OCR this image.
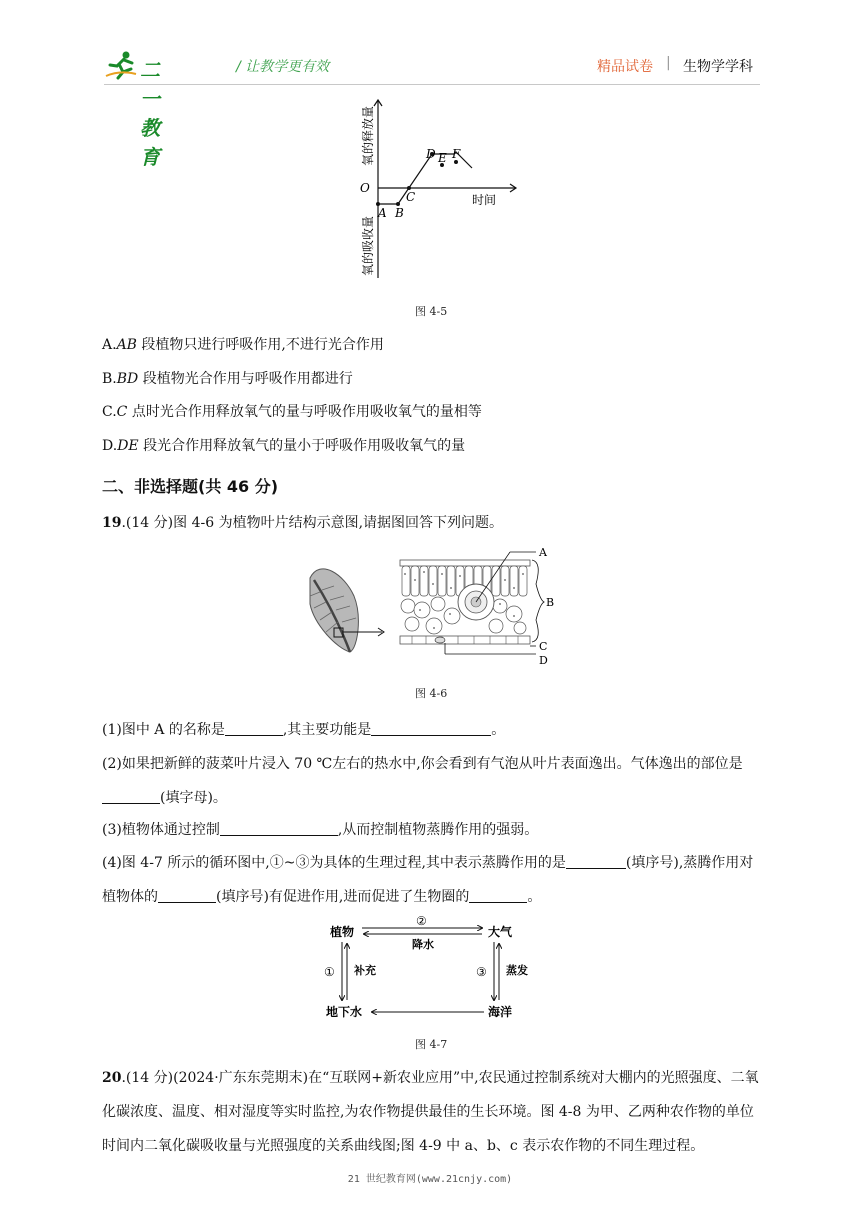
二一教育
/ 让教学更有效	精品试卷 | 生物学学科
O
A B
C
D E F
时间
氧的释放量
氧的吸收量
图 4-5
A.AB 段植物只进行呼吸作用,不进行光合作用
B.BD 段植物光合作用与呼吸作用都进行
C.C 点时光合作用释放氧气的量与呼吸作用吸收氧气的量相等
D.DE 段光合作用释放氧气的量小于呼吸作用吸收氧气的量
二、非选择题(共 46 分)
19.(14 分)图 4-6 为植物叶片结构示意图,请据图回答下列问题。
A
B
C
D
图 4-6
(1)图中 A 的名称是	,其主要功能是	。
(2)如果把新鲜的菠菜叶片浸入 70 ℃左右的热水中,你会看到有气泡从叶片表面逸出。气体逸出的部位是(填字母)。
(3)植物体通过控制	,从而控制植物蒸腾作用的强弱。
(4)图 4-7 所示的循环图中,①~③为具体的生理过程,其中表示蒸腾作用的是	(填序号),蒸腾作用对植物体的	(填序号)有促进作用,进而促进了生物圈的	。
植物	大气
地下水	海洋
②
降水
① 补充	③ 蒸发
图 4-7
20.(14 分)(2024·广东东莞期末)在“互联网+新农业应用”中,农民通过控制系统对大棚内的光照强度、二氧化碳浓度、温度、相对湿度等实时监控,为农作物提供最佳的生长环境。图 4-8 为甲、乙两种农作物的单位时间内二氧化碳吸收量与光照强度的关系曲线图;图 4-9 中 a、b、c 表示农作物的不同生理过程。
21 世纪教育网(www.21cnjy.com)
